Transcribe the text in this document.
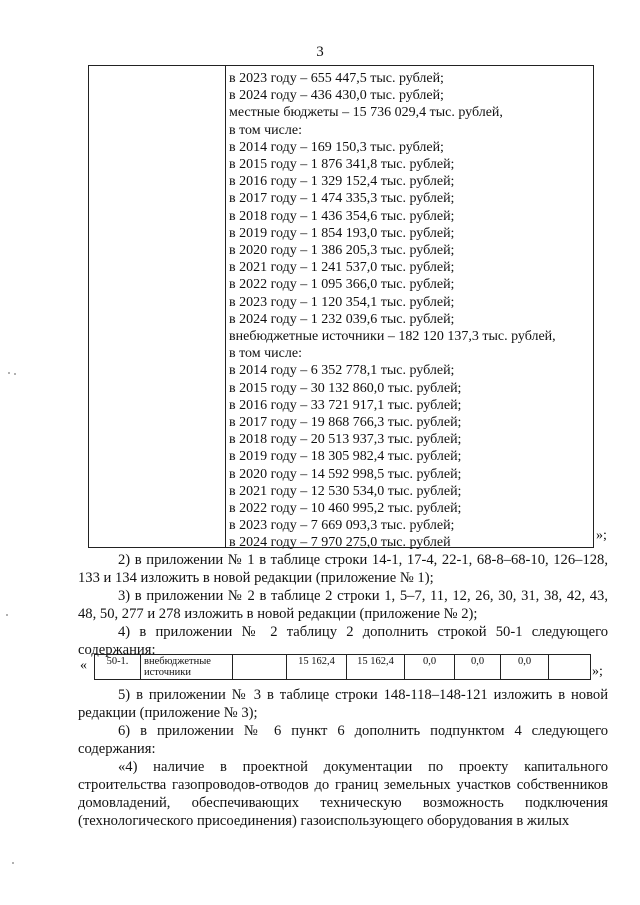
3
в 2023 году – 655 447,5 тыс. рублей;
в 2024 году – 436 430,0 тыс. рублей;
местные бюджеты – 15 736 029,4 тыс. рублей,
в том числе:
в 2014 году – 169 150,3 тыс. рублей;
в 2015 году – 1 876 341,8 тыс. рублей;
в 2016 году – 1 329 152,4 тыс. рублей;
в 2017 году – 1 474 335,3 тыс. рублей;
в 2018 году – 1 436 354,6 тыс. рублей;
в 2019 году – 1 854 193,0 тыс. рублей;
в 2020 году – 1 386 205,3 тыс. рублей;
в 2021 году – 1 241 537,0 тыс. рублей;
в 2022 году – 1 095 366,0 тыс. рублей;
в 2023 году – 1 120 354,1 тыс. рублей;
в 2024 году – 1 232 039,6 тыс. рублей;
внебюджетные источники – 182 120 137,3 тыс. рублей,
в том числе:
в 2014 году – 6 352 778,1 тыс. рублей;
в 2015 году – 30 132 860,0 тыс. рублей;
в 2016 году – 33 721 917,1 тыс. рублей;
в 2017 году – 19 868 766,3 тыс. рублей;
в 2018 году – 20 513 937,3 тыс. рублей;
в 2019 году – 18 305 982,4 тыс. рублей;
в 2020 году – 14 592 998,5 тыс. рублей;
в 2021 году – 12 530 534,0 тыс. рублей;
в 2022 году – 10 460 995,2 тыс. рублей;
в 2023 году – 7 669 093,3 тыс. рублей;
в 2024 году – 7 970 275,0 тыс. рублей	»;
2) в приложении № 1 в таблице строки 14-1, 17-4, 22-1, 68-8–68-10, 126–128, 133 и 134 изложить в новой редакции (приложение № 1);
3) в приложении № 2 в таблице 2 строки 1, 5–7, 11, 12, 26, 30, 31, 38, 42, 43, 48, 50, 277 и 278 изложить в новой редакции (приложение № 2);
4) в приложении № 2 таблицу 2 дополнить строкой 50-1 следующего содержания:
« 50-1.	внебюджетные источники		15 162,4	15 162,4	0,0	0,0	0,0	
»;
5) в приложении № 3 в таблице строки 148-118–148-121 изложить в новой редакции (приложение № 3);
6) в приложении № 6 пункт 6 дополнить подпунктом 4 следующего содержания:
«4) наличие в проектной документации по проекту капитального строительства газопроводов-отводов до границ земельных участков собственников домовладений, обеспечивающих техническую возможность подключения (технологического присоединения) газоиспользующего оборудования в жилых
